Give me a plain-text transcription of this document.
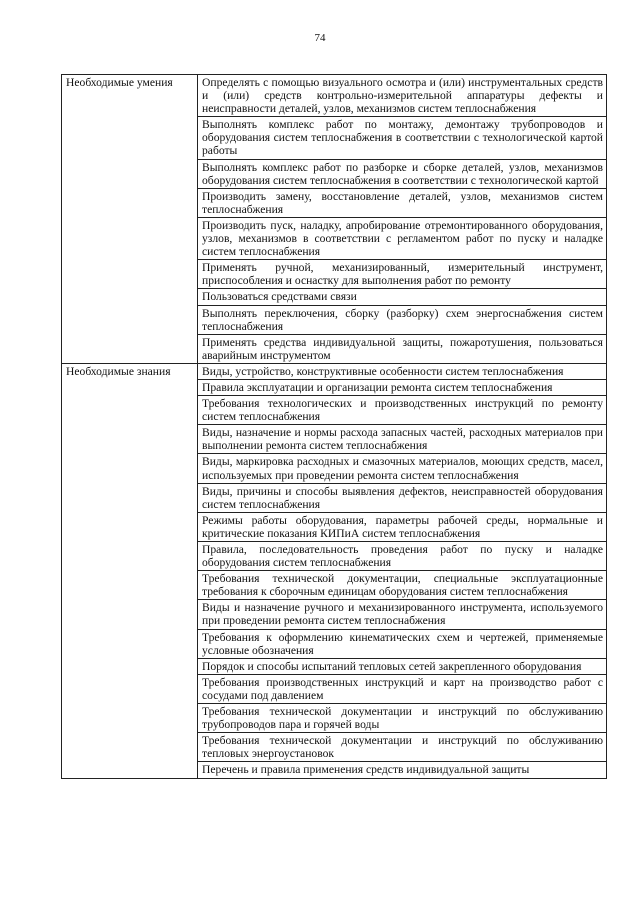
74
Необходимые умения	Определять с помощью визуального осмотра и (или) инструментальных средств и (или) средств контрольно-измерительной аппаратуры дефекты и неисправности деталей, узлов, механизмов систем теплоснабжения

	Выполнять комплекс работ по монтажу, демонтажу трубопроводов и оборудования систем теплоснабжения в соответствии с технологической картой работы

	Выполнять комплекс работ по разборке и сборке деталей, узлов, механизмов оборудования систем теплоснабжения в соответствии с технологической картой

	Производить замену, восстановление деталей, узлов, механизмов систем теплоснабжения

	Производить пуск, наладку, апробирование отремонтированного оборудования, узлов, механизмов в соответствии с регламентом работ по пуску и наладке систем теплоснабжения

	Применять ручной, механизированный, измерительный инструмент, приспособления и оснастку для выполнения работ по ремонту

	Пользоваться средствами связи

	Выполнять переключения, сборку (разборку) схем энергоснабжения систем теплоснабжения

	Применять средства индивидуальной защиты, пожаротушения, пользоваться аварийным инструментом

Необходимые знания	Виды, устройство, конструктивные особенности систем теплоснабжения

	Правила эксплуатации и организации ремонта систем теплоснабжения

	Требования технологических и производственных инструкций по ремонту систем теплоснабжения

	Виды, назначение и нормы расхода запасных частей, расходных материалов при выполнении ремонта систем теплоснабжения

	Виды, маркировка расходных и смазочных материалов, моющих средств, масел, используемых при проведении ремонта систем теплоснабжения

	Виды, причины и способы выявления дефектов, неисправностей оборудования систем теплоснабжения

	Режимы работы оборудования, параметры рабочей среды, нормальные и критические показания КИПиА систем теплоснабжения

	Правила, последовательность проведения работ по пуску и наладке оборудования систем теплоснабжения

	Требования технической документации, специальные эксплуатационные требования к сборочным единицам оборудования систем теплоснабжения

	Виды и назначение ручного и механизированного инструмента, используемого при проведении ремонта систем теплоснабжения

	Требования к оформлению кинематических схем и чертежей, применяемые условные обозначения

	Порядок и способы испытаний тепловых сетей закрепленного оборудования

	Требования производственных инструкций и карт на производство работ с сосудами под давлением

	Требования технической документации и инструкций по обслуживанию трубопроводов пара и горячей воды

	Требования технической документации и инструкций по обслуживанию тепловых энергоустановок

	Перечень и правила применения средств индивидуальной защиты
